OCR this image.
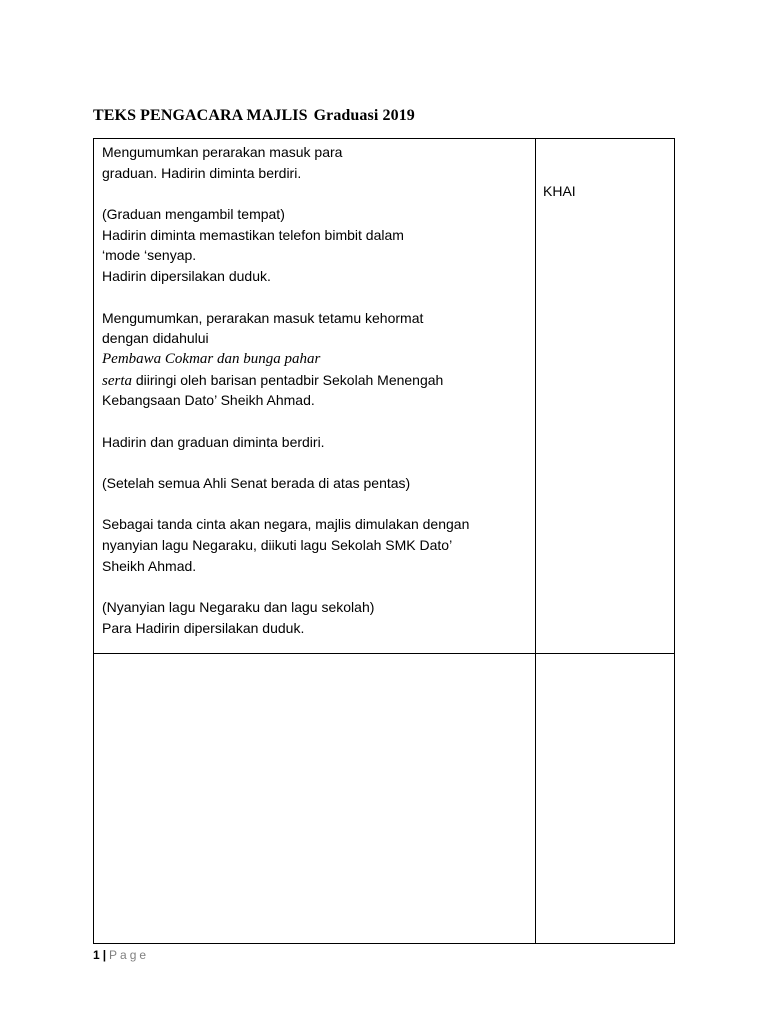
TEKS PENGACARA MAJLIS Graduasi 2019
Mengumumkan perarakan masuk para
graduan. Hadirin diminta berdiri.
(Graduan mengambil tempat)
Hadirin diminta memastikan telefon bimbit dalam
‘mode ‘senyap.
Hadirin dipersilakan duduk.
Mengumumkan, perarakan masuk tetamu kehormat
dengan didahului
Pembawa Cokmar dan bunga pahar
serta diiringi oleh barisan pentadbir Sekolah Menengah
Kebangsaan Dato’ Sheikh Ahmad.
Hadirin dan graduan diminta berdiri.
(Setelah semua Ahli Senat berada di atas pentas)
Sebagai tanda cinta akan negara, majlis dimulakan dengan
nyanyian lagu Negaraku, diikuti lagu Sekolah SMK Dato’
Sheikh Ahmad.
(Nyanyian lagu Negaraku dan lagu sekolah)
Para Hadirin dipersilakan duduk.
KHAI
1 | Page
